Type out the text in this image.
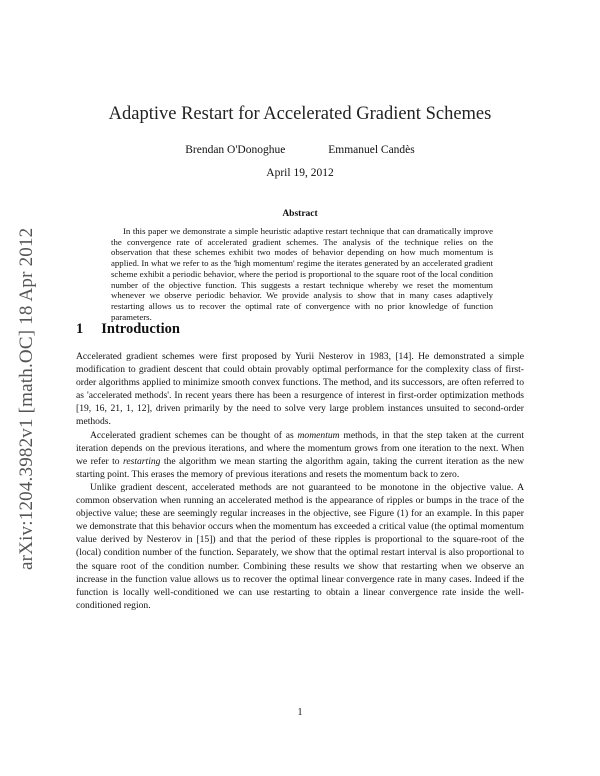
arXiv:1204.3982v1 [math.OC] 18 Apr 2012
Adaptive Restart for Accelerated Gradient Schemes
Brendan O'Donoghue	Emmanuel Candès
April 19, 2012
Abstract

In this paper we demonstrate a simple heuristic adaptive restart technique that can dramatically improve the convergence rate of accelerated gradient schemes. The analysis of the technique relies on the observation that these schemes exhibit two modes of behavior depending on how much momentum is applied. In what we refer to as the 'high momentum' regime the iterates generated by an accelerated gradient scheme exhibit a periodic behavior, where the period is proportional to the square root of the local condition number of the objective function. This suggests a restart technique whereby we reset the momentum whenever we observe periodic behavior. We provide analysis to show that in many cases adaptively restarting allows us to recover the optimal rate of convergence with no prior knowledge of function parameters.

1 Introduction

Accelerated gradient schemes were first proposed by Yurii Nesterov in 1983, [14]. He demonstrated a simple modification to gradient descent that could obtain provably optimal performance for the complexity class of first-order algorithms applied to minimize smooth convex functions. The method, and its successors, are often referred to as 'accelerated methods'. In recent years there has been a resurgence of interest in first-order optimization methods [19, 16, 21, 1, 12], driven primarily by the need to solve very large problem instances unsuited to second-order methods.

Accelerated gradient schemes can be thought of as momentum methods, in that the step taken at the current iteration depends on the previous iterations, and where the momentum grows from one iteration to the next. When we refer to restarting the algorithm we mean starting the algorithm again, taking the current iteration as the new starting point. This erases the memory of previous iterations and resets the momentum back to zero.

Unlike gradient descent, accelerated methods are not guaranteed to be monotone in the objective value. A common observation when running an accelerated method is the appearance of ripples or bumps in the trace of the objective value; these are seemingly regular increases in the objective, see Figure (1) for an example. In this paper we demonstrate that this behavior occurs when the momentum has exceeded a critical value (the optimal momentum value derived by Nesterov in [15]) and that the period of these ripples is proportional to the square-root of the (local) condition number of the function. Separately, we show that the optimal restart interval is also proportional to the square root of the condition number. Combining these results we show that restarting when we observe an increase in the function value allows us to recover the optimal linear convergence rate in many cases. Indeed if the function is locally well-conditioned we can use restarting to obtain a linear convergence rate inside the well-conditioned region.

1
